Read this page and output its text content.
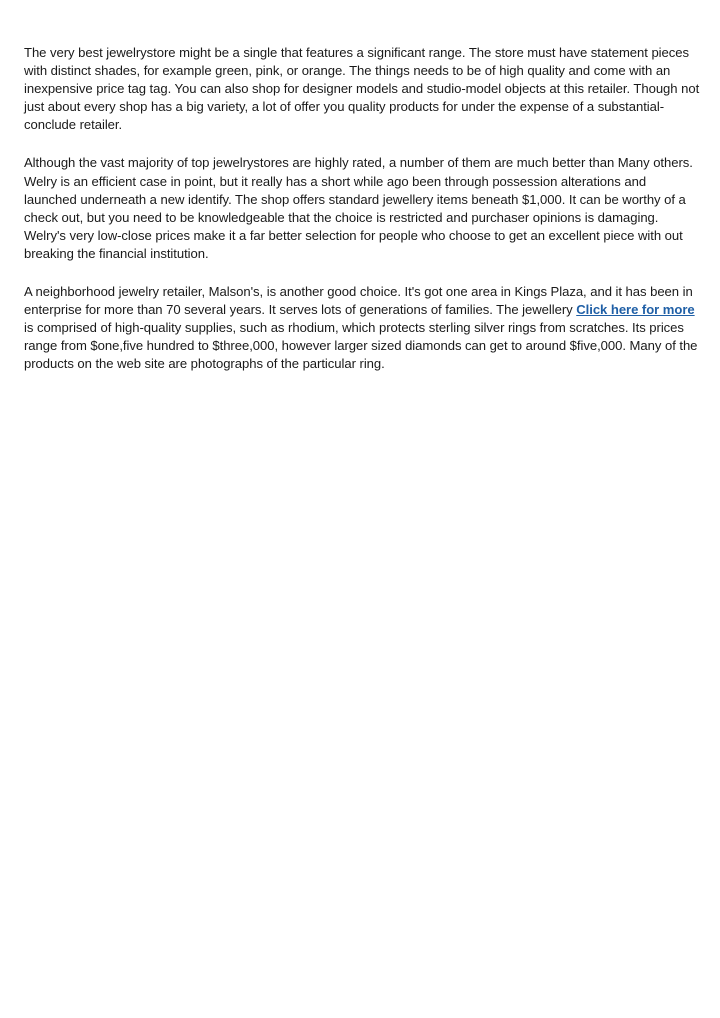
The very best jewelrystore might be a single that features a significant range. The store must have statement pieces with distinct shades, for example green, pink, or orange. The things needs to be of high quality and come with an inexpensive price tag tag. You can also shop for designer models and studio-model objects at this retailer. Though not just about every shop has a big variety, a lot of offer you quality products for under the expense of a substantial-conclude retailer.

Although the vast majority of top jewelrystores are highly rated, a number of them are much better than Many others. Welry is an efficient case in point, but it really has a short while ago been through possession alterations and launched underneath a new identify. The shop offers standard jewellery items beneath $1,000. It can be worthy of a check out, but you need to be knowledgeable that the choice is restricted and purchaser opinions is damaging. Welry's very low-close prices make it a far better selection for people who choose to get an excellent piece with out breaking the financial institution.

A neighborhood jewelry retailer, Malson's, is another good choice. It's got one area in Kings Plaza, and it has been in enterprise for more than 70 several years. It serves lots of generations of families. The jewellery Click here for more is comprised of high-quality supplies, such as rhodium, which protects sterling silver rings from scratches. Its prices range from $one,five hundred to $three,000, however larger sized diamonds can get to around $five,000. Many of the products on the web site are photographs of the particular ring.
